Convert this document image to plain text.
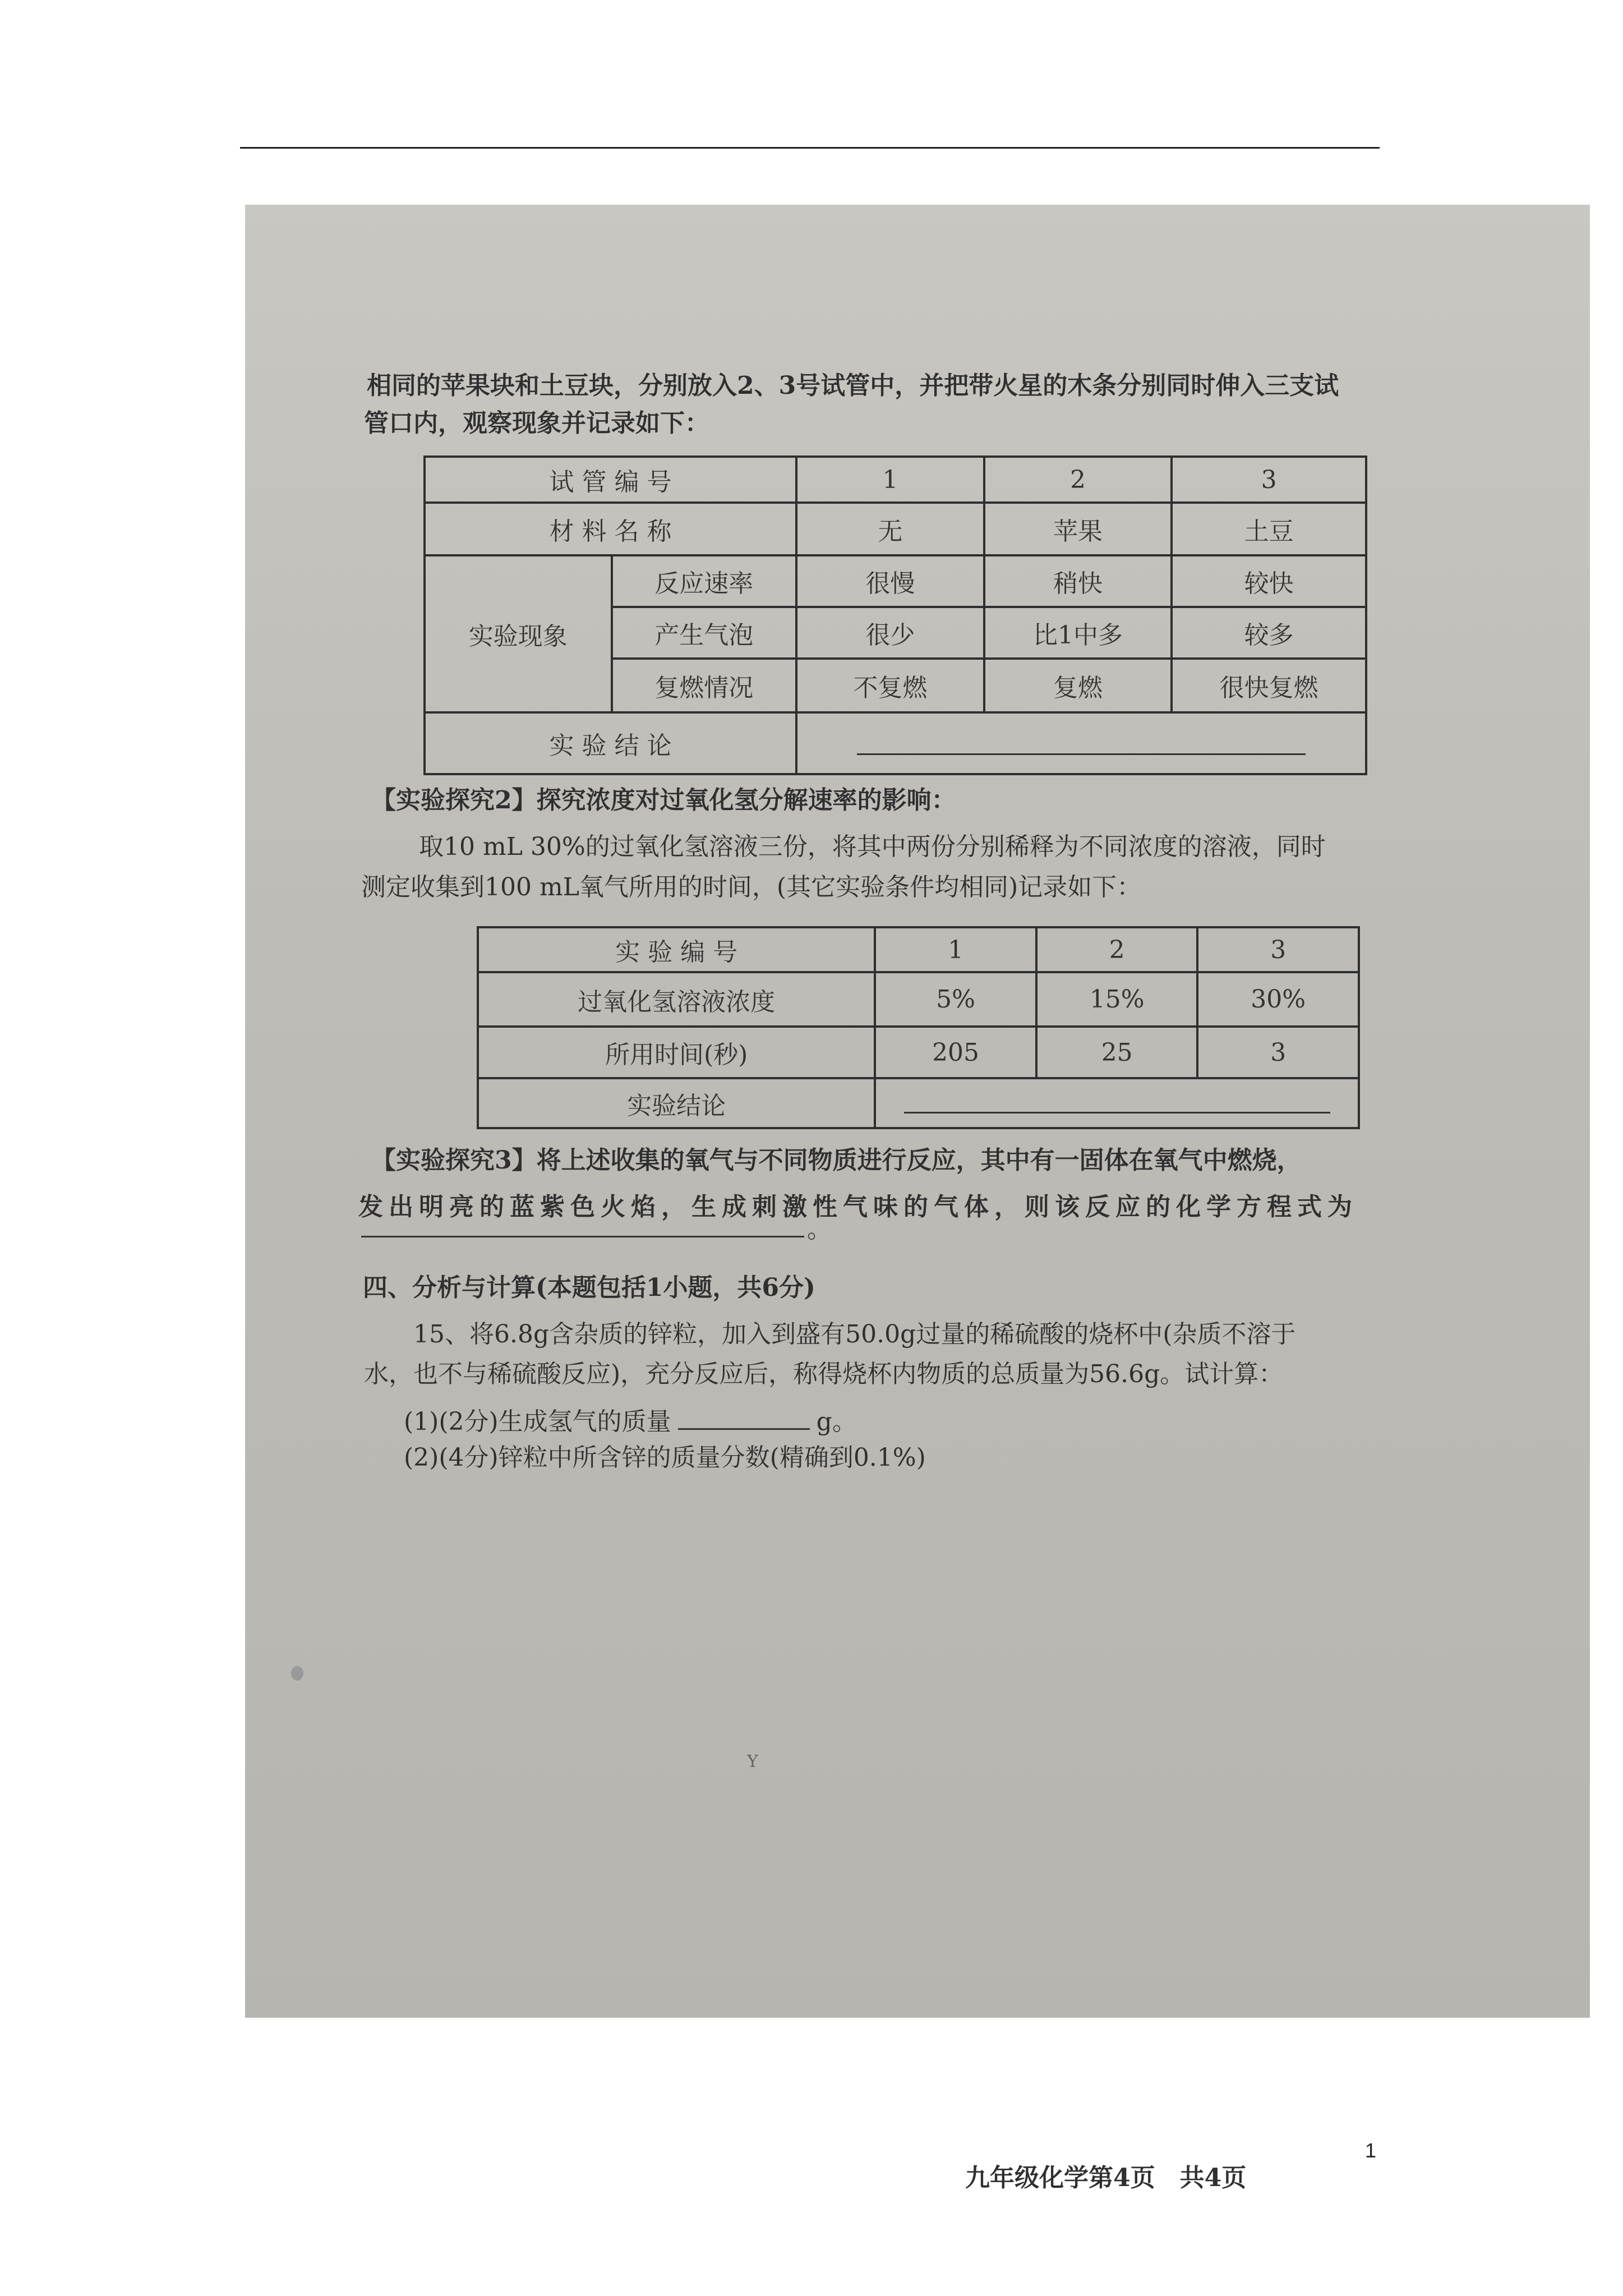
相同的苹果块和土豆块，分别放入2、3号试管中，并把带火星的木条分别同时伸入三支试
管口内，观察现象并记录如下：
试 管 编 号		1	2	3
材 料 名 称		无	苹果	土豆
实验现象	反应速率	很慢	稍快	较快
	产生气泡	很少	比1中多	较多
	复燃情况	不复燃	复燃	很快复燃
实 验 结 论				
【实验探究2】探究浓度对过氧化氢分解速率的影响：
取10 mL 30%的过氧化氢溶液三份，将其中两份分别稀释为不同浓度的溶液，同时
测定收集到100 mL氧气所用的时间，(其它实验条件均相同)记录如下：
实 验 编 号	1	2	3
过氧化氢溶液浓度	5%	15%	30%
所用时间(秒)	205	25	3
实验结论			
【实验探究3】将上述收集的氧气与不同物质进行反应，其中有一固体在氧气中燃烧，
发出明亮的蓝紫色火焰，生成刺激性气味的气体，则该反应的化学方程式为
。
四、分析与计算(本题包括1小题，共6分)
15、将6.8g含杂质的锌粒，加入到盛有50.0g过量的稀硫酸的烧杯中(杂质不溶于
水，也不与稀硫酸反应)，充分反应后，称得烧杯内物质的总质量为56.6g。试计算：
(1)(2分)生成氢气的质量	g。
(2)(4分)锌粒中所含锌的质量分数(精确到0.1%)
Y
九年级化学第4页　共4页
1
